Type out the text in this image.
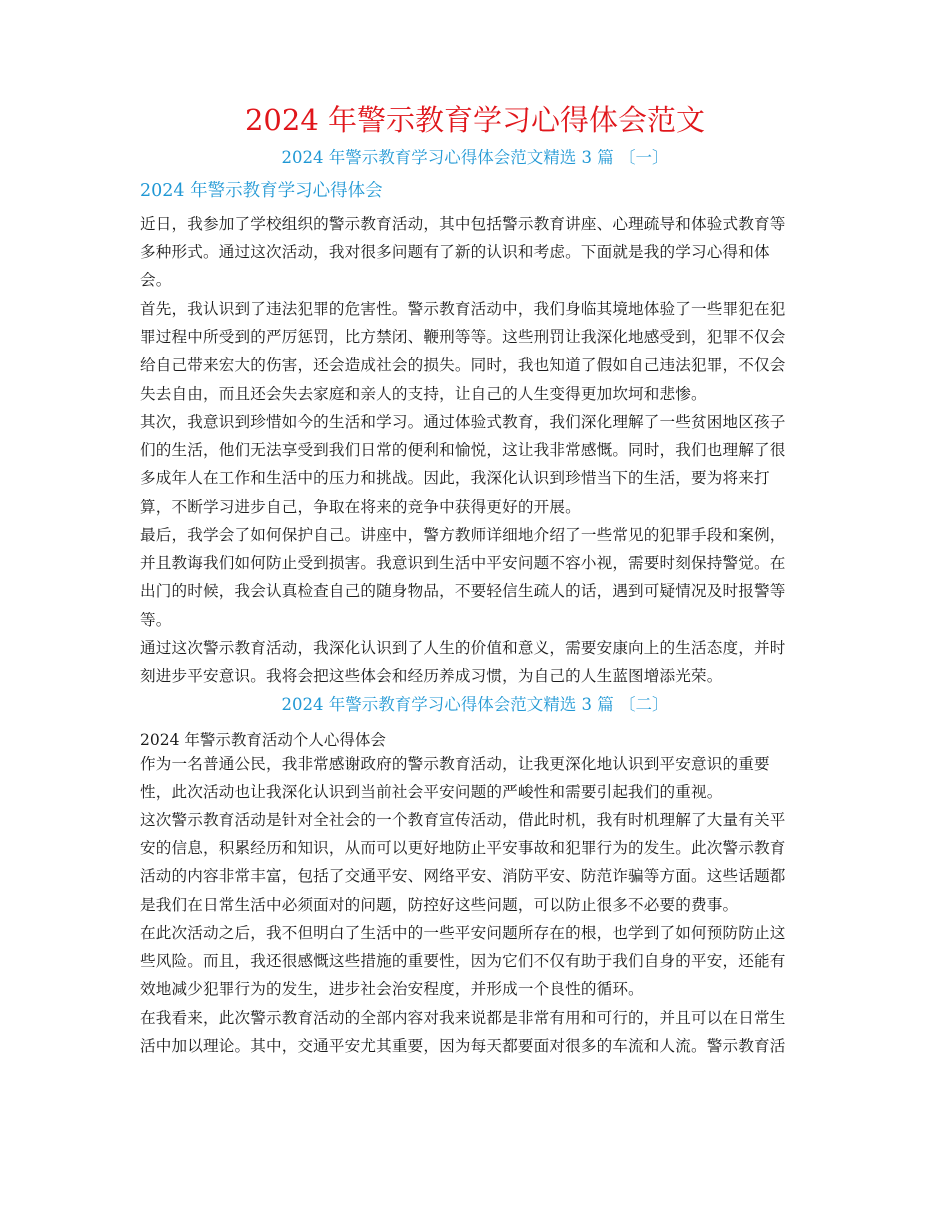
2024 年警示教育学习心得体会范文
2024 年警示教育学习心得体会范文精选 3 篇 〔一〕
2024 年警示教育学习心得体会
近日，我参加了学校组织的警示教育活动，其中包括警示教育讲座、心理疏导和体验式教育等
多种形式。通过这次活动，我对很多问题有了新的认识和考虑。下面就是我的学习心得和体
会。
首先，我认识到了违法犯罪的危害性。警示教育活动中，我们身临其境地体验了一些罪犯在犯
罪过程中所受到的严厉惩罚，比方禁闭、鞭刑等等。这些刑罚让我深化地感受到，犯罪不仅会
给自己带来宏大的伤害，还会造成社会的损失。同时，我也知道了假如自己违法犯罪，不仅会
失去自由，而且还会失去家庭和亲人的支持，让自己的人生变得更加坎坷和悲惨。
其次，我意识到珍惜如今的生活和学习。通过体验式教育，我们深化理解了一些贫困地区孩子
们的生活，他们无法享受到我们日常的便利和愉悦，这让我非常感慨。同时，我们也理解了很
多成年人在工作和生活中的压力和挑战。因此，我深化认识到珍惜当下的生活，要为将来打
算，不断学习进步自己，争取在将来的竞争中获得更好的开展。
最后，我学会了如何保护自己。讲座中，警方教师详细地介绍了一些常见的犯罪手段和案例，
并且教诲我们如何防止受到损害。我意识到生活中平安问题不容小视，需要时刻保持警觉。在
出门的时候，我会认真检查自己的随身物品，不要轻信生疏人的话，遇到可疑情况及时报警等
等。
通过这次警示教育活动，我深化认识到了人生的价值和意义，需要安康向上的生活态度，并时
刻进步平安意识。我将会把这些体会和经历养成习惯，为自己的人生蓝图增添光荣。
2024 年警示教育学习心得体会范文精选 3 篇 〔二〕
2024 年警示教育活动个人心得体会
作为一名普通公民，我非常感谢政府的警示教育活动，让我更深化地认识到平安意识的重要
性，此次活动也让我深化认识到当前社会平安问题的严峻性和需要引起我们的重视。
这次警示教育活动是针对全社会的一个教育宣传活动，借此时机，我有时机理解了大量有关平
安的信息，积累经历和知识，从而可以更好地防止平安事故和犯罪行为的发生。此次警示教育
活动的内容非常丰富，包括了交通平安、网络平安、消防平安、防范诈骗等方面。这些话题都
是我们在日常生活中必须面对的问题，防控好这些问题，可以防止很多不必要的费事。
在此次活动之后，我不但明白了生活中的一些平安问题所存在的根，也学到了如何预防防止这
些风险。而且，我还很感慨这些措施的重要性，因为它们不仅有助于我们自身的平安，还能有
效地减少犯罪行为的发生，进步社会治安程度，并形成一个良性的循环。
在我看来，此次警示教育活动的全部内容对我来说都是非常有用和可行的，并且可以在日常生
活中加以理论。其中，交通平安尤其重要，因为每天都要面对很多的车流和人流。警示教育活
